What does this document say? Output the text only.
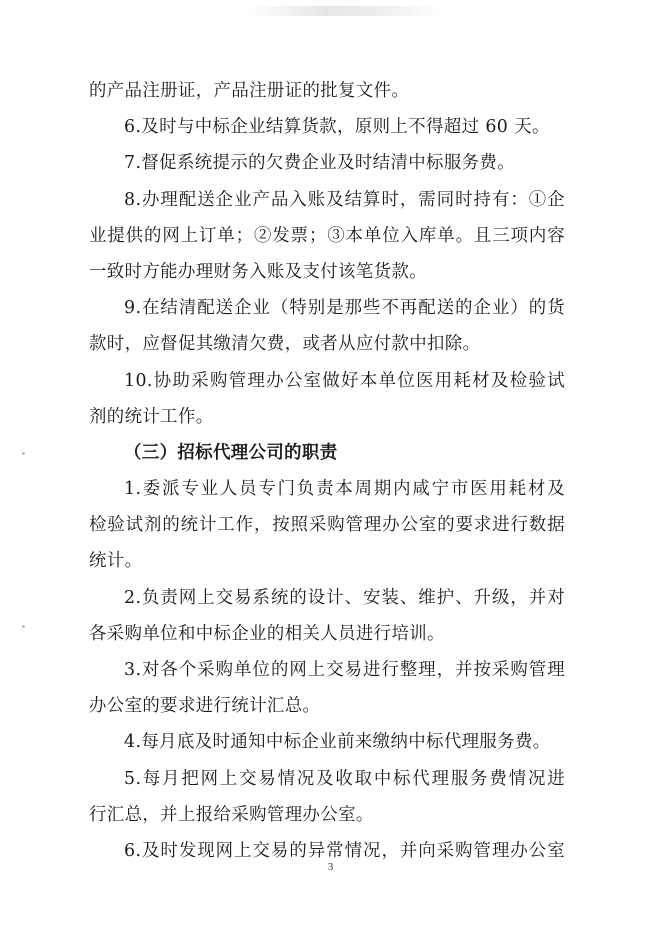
的产品注册证，产品注册证的批复文件。
6.及时与中标企业结算货款，原则上不得超过 60 天。
7.督促系统提示的欠费企业及时结清中标服务费。
8.办理配送企业产品入账及结算时，需同时持有：①企
业提供的网上订单；②发票；③本单位入库单。且三项内容
一致时方能办理财务入账及支付该笔货款。
9.在结清配送企业（特别是那些不再配送的企业）的货
款时，应督促其缴清欠费，或者从应付款中扣除。
10.协助采购管理办公室做好本单位医用耗材及检验试
剂的统计工作。
（三）招标代理公司的职责
1.委派专业人员专门负责本周期内咸宁市医用耗材及
检验试剂的统计工作，按照采购管理办公室的要求进行数据
统计。
2.负责网上交易系统的设计、安装、维护、升级，并对
各采购单位和中标企业的相关人员进行培训。
3.对各个采购单位的网上交易进行整理，并按采购管理
办公室的要求进行统计汇总。
4.每月底及时通知中标企业前来缴纳中标代理服务费。
5.每月把网上交易情况及收取中标代理服务费情况进
行汇总，并上报给采购管理办公室。
6.及时发现网上交易的异常情况，并向采购管理办公室
3
